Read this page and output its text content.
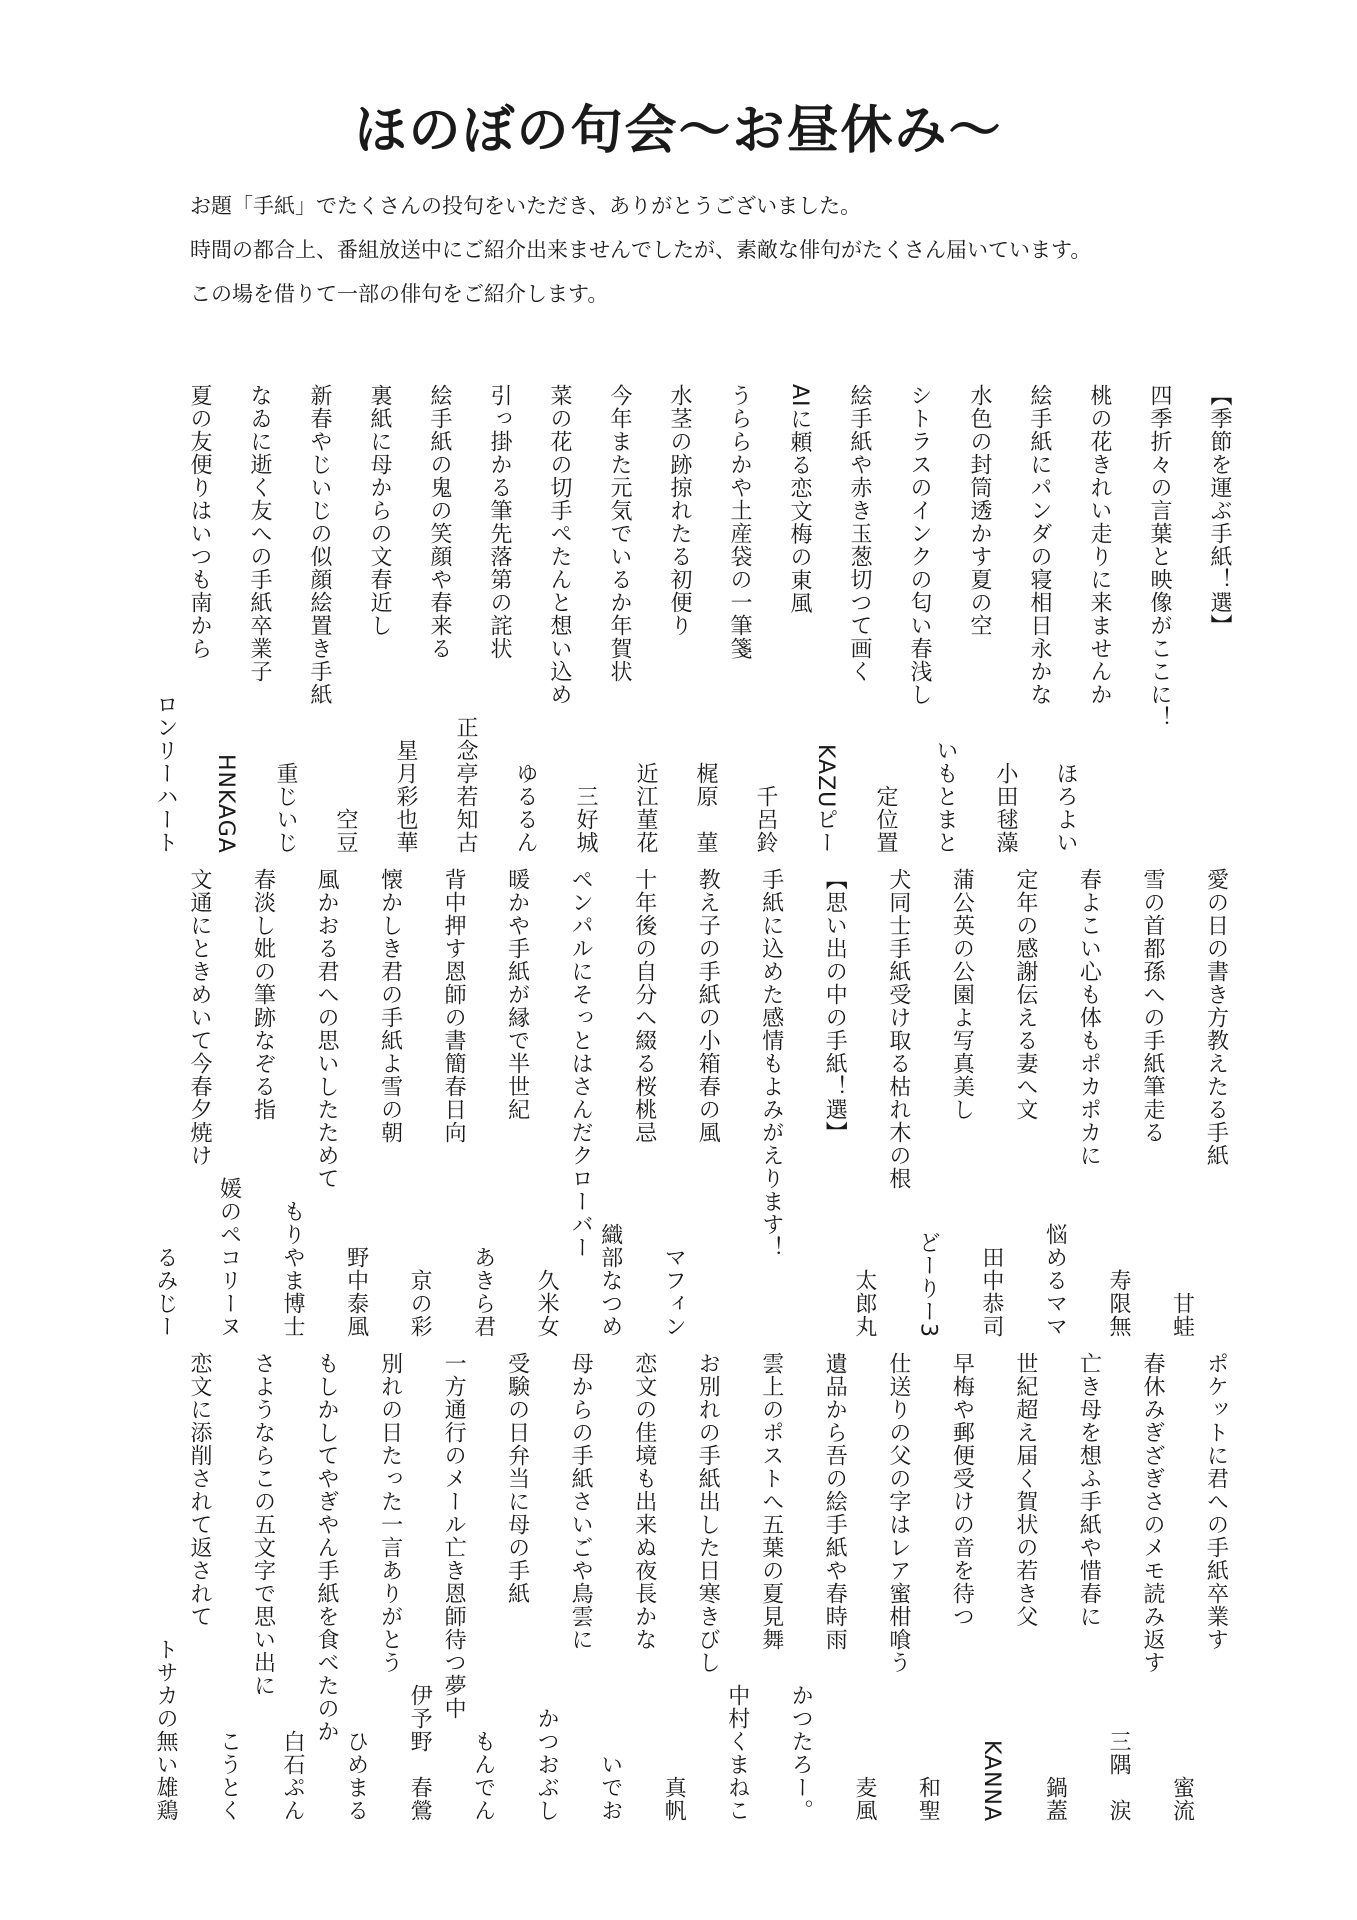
ほのぼの句会～お昼休み～

お題「手紙」でたくさんの投句をいただき、ありがとうございました。

時間の都合上、番組放送中にご紹介出来ませんでしたが、素敵な俳句がたくさん届いています。

この場を借りて一部の俳句をご紹介します。

【季節を運ぶ手紙！選】
四季折々の言葉と映像がここに！
桃の花きれい走りに来ませんか
ほろよい
絵手紙にパンダの寝相日永かな
小田毬藻
水色の封筒透かす夏の空
いもとまと
シトラスのインクの匂い春浅し
定位置
絵手紙や赤き玉葱切つて画く
KAZUピー
AIに頼る恋文梅の東風
千呂鈴
うららかや土産袋の一筆箋
梶原　菫
水茎の跡掠れたる初便り
近江菫花
今年また元気でいるか年賀状
三好城
菜の花の切手ぺたんと想い込め
ゆるるん
引っ掛かる筆先落第の詫状
正念亭若知古
絵手紙の鬼の笑顔や春来る
星月彩也華
裏紙に母からの文春近し
空豆
新春やじいじの似顔絵置き手紙
重じいじ
なゐに逝く友への手紙卒業子
HNKAGA
夏の友便りはいつも南から
ロンリーハート
愛の日の書き方教えたる手紙
甘蛙
雪の首都孫への手紙筆走る
寿限無
春よこい心も体もポカポカに
悩めるママ
定年の感謝伝える妻へ文
田中恭司
蒲公英の公園よ写真美し
どーりー3
犬同士手紙受け取る枯れ木の根
太郎丸
【思い出の中の手紙！選】
手紙に込めた感情もよみがえります！
教え子の手紙の小箱春の風
マフィン
十年後の自分へ綴る桜桃忌
織部なつめ
ペンパルにそっとはさんだクローバー
久米女
暖かや手紙が縁で半世紀
あきら君
背中押す恩師の書簡春日向
京の彩
懐かしき君の手紙よ雪の朝
野中泰風
風かおる君への思いしたためて
もりやま博士
春淡し妣の筆跡なぞる指
媛のペコリーヌ
文通にときめいて今春夕焼け
るみじー
ポケットに君への手紙卒業す
蜜流
春休みぎざぎさのメモ読み返す
三隅　涙
亡き母を想ふ手紙や惜春に
鍋蓋
世紀超え届く賀状の若き父
KANNA
早梅や郵便受けの音を待つ
和聖
仕送りの父の字はレア蜜柑喰う
麦風
遺品から吾の絵手紙や春時雨
かつたろー。
雲上のポストへ五葉の夏見舞
中村くまねこ
お別れの手紙出した日寒きびし
真帆
恋文の佳境も出来ぬ夜長かな
いでお
母からの手紙さいごや鳥雲に
かつおぶし
受験の日弁当に母の手紙
もんでん
一方通行のメール亡き恩師待つ夢中
伊予野　春鶯
別れの日たった一言ありがとう
ひめまる
もしかしてやぎやん手紙を食べたのか
白石ぷん
さようならこの五文字で思い出に
こうとく
恋文に添削されて返されて
トサカの無い雄鶏
